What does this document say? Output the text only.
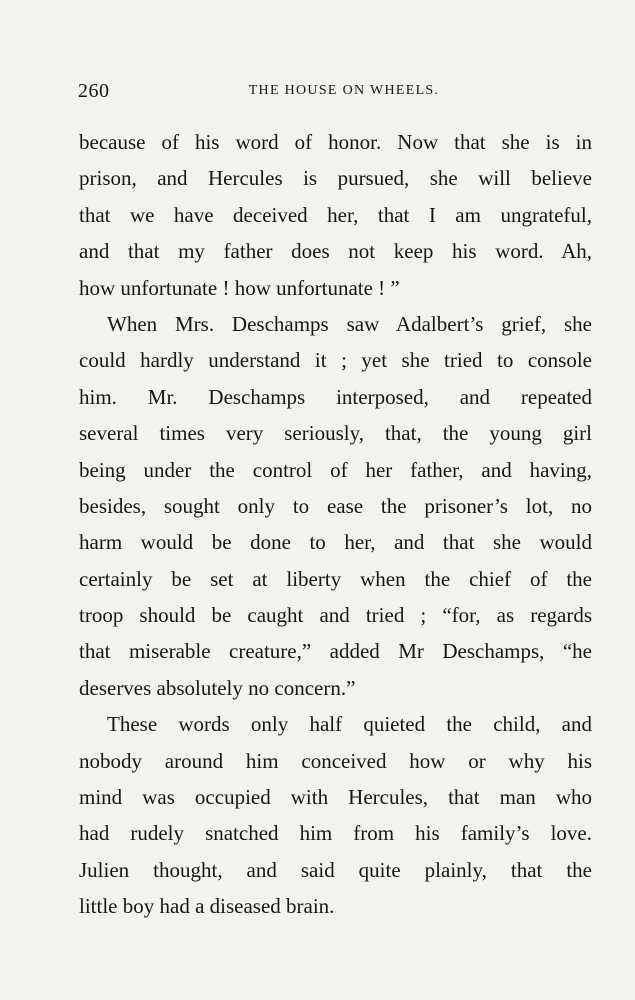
260	THE HOUSE ON WHEELS.
because of his word of honor. Now that she is in
prison, and Hercules is pursued, she will believe
that we have deceived her, that I am ungrateful,
and that my father does not keep his word. Ah,
how unfortunate ! how unfortunate ! ”
When Mrs. Deschamps saw Adalbert’s grief, she
could hardly understand it ; yet she tried to console
him. Mr. Deschamps interposed, and repeated
several times very seriously, that, the young girl
being under the control of her father, and having,
besides, sought only to ease the prisoner’s lot, no
harm would be done to her, and that she would
certainly be set at liberty when the chief of the
troop should be caught and tried ; “for, as regards
that miserable creature,” added Mr Deschamps, “he
deserves absolutely no concern.”
These words only half quieted the child, and
nobody around him conceived how or why his
mind was occupied with Hercules, that man who
had rudely snatched him from his family’s love.
Julien thought, and said quite plainly, that the
little boy had a diseased brain.
